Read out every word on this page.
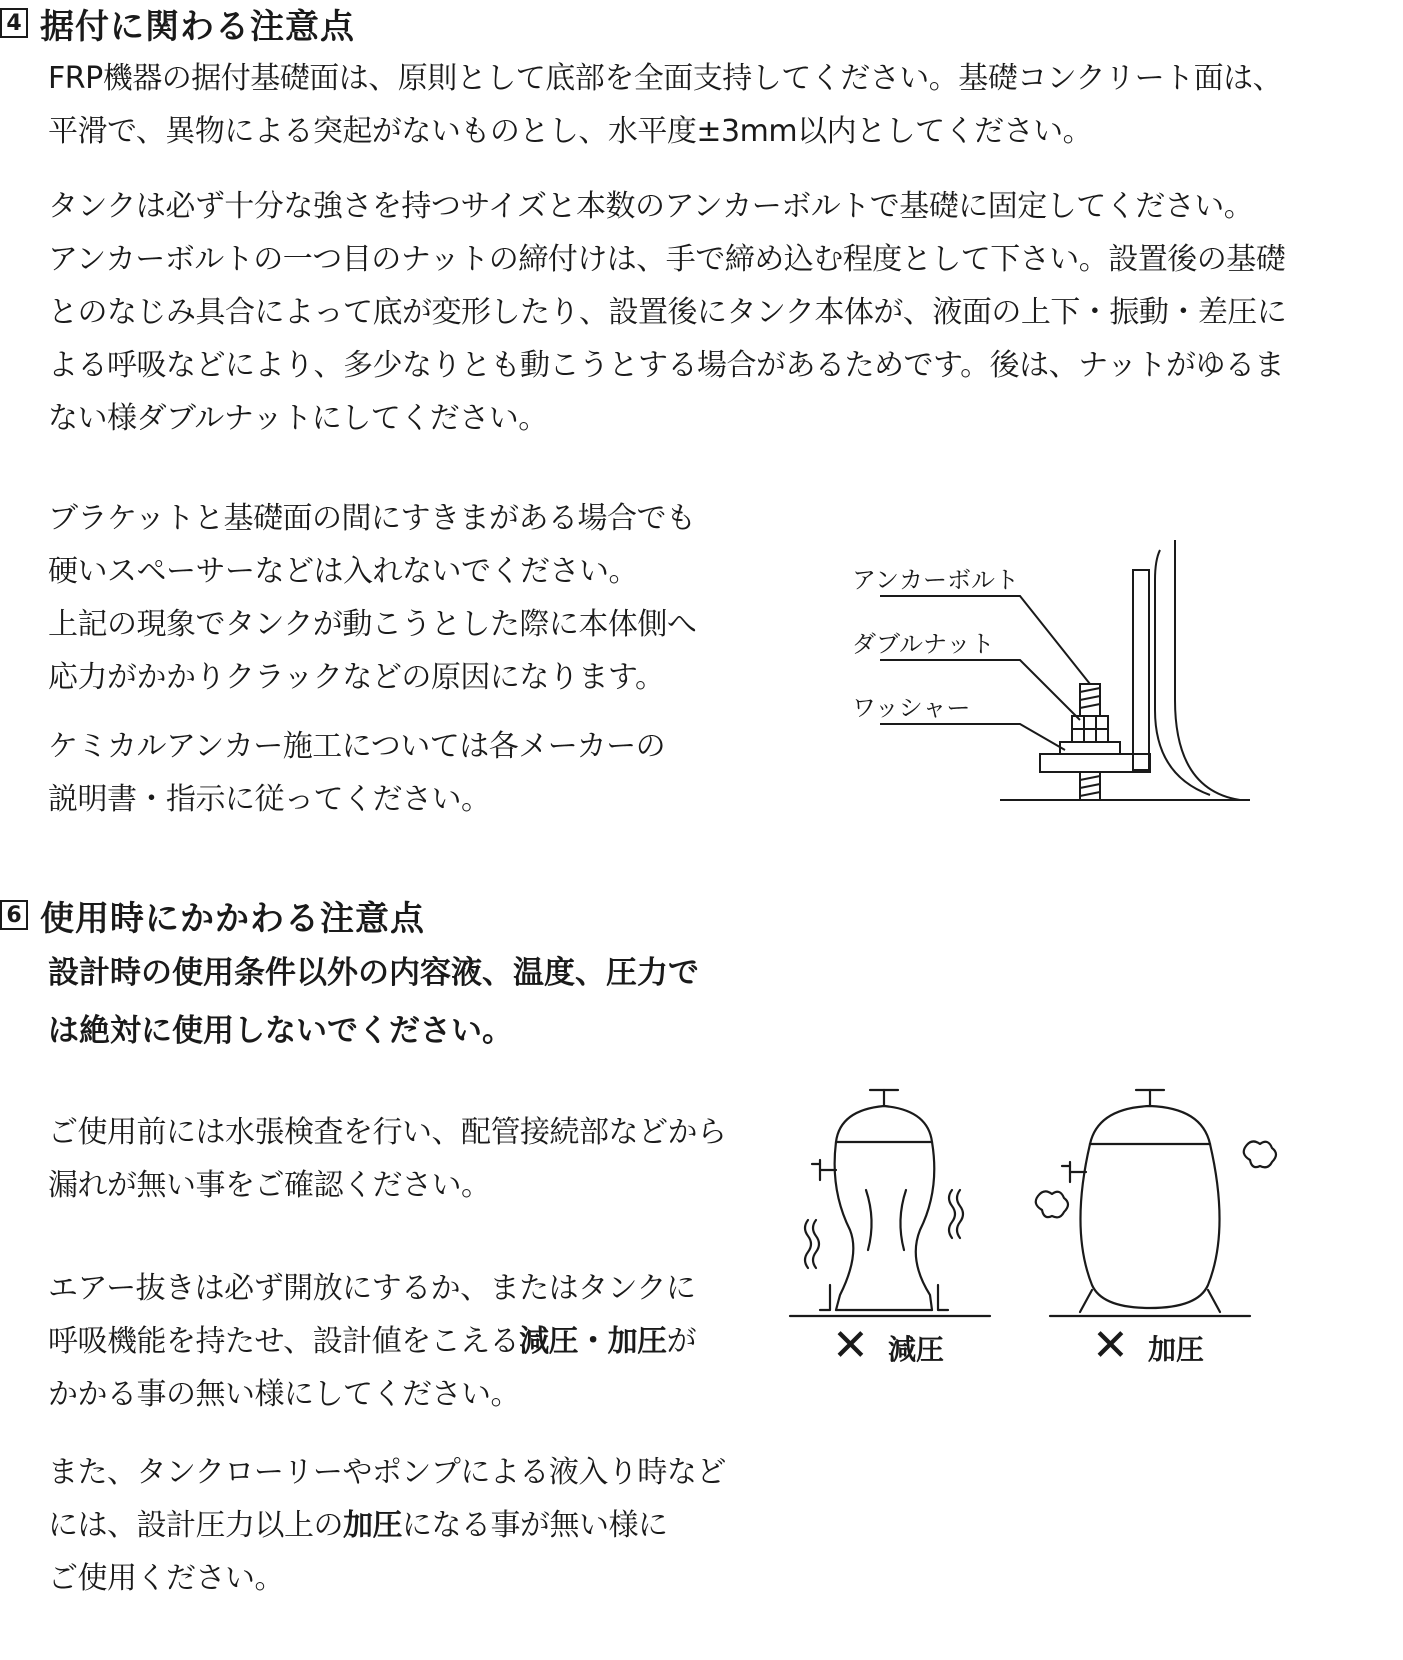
4 据付に関わる注意点

FRP機器の据付基礎面は、原則として底部を全面支持してください。基礎コンクリート面は、
平滑で、異物による突起がないものとし、水平度±3mm以内としてください。

タンクは必ず十分な強さを持つサイズと本数のアンカーボルトで基礎に固定してください。
アンカーボルトの一つ目のナットの締付けは、手で締め込む程度として下さい。設置後の基礎
とのなじみ具合によって底が変形したり、設置後にタンク本体が、液面の上下・振動・差圧に
よる呼吸などにより、多少なりとも動こうとする場合があるためです。後は、ナットがゆるま
ない様ダブルナットにしてください。

ブラケットと基礎面の間にすきまがある場合でも
硬いスペーサーなどは入れないでください。
上記の現象でタンクが動こうとした際に本体側へ
応力がかかりクラックなどの原因になります。

ケミカルアンカー施工については各メーカーの
説明書・指示に従ってください。

アンカーボルト
ダブルナット
ワッシャー
6 使用時にかかわる注意点

設計時の使用条件以外の内容液、温度、圧力で
は絶対に使用しないでください。

ご使用前には水張検査を行い、配管接続部などから
漏れが無い事をご確認ください。

エアー抜きは必ず開放にするか、またはタンクに
呼吸機能を持たせ、設計値をこえる減圧・加圧が
かかる事の無い様にしてください。

また、タンクローリーやポンプによる液入り時など
には、設計圧力以上の加圧になる事が無い様に
ご使用ください。

✕ 減圧	✕ 加圧
